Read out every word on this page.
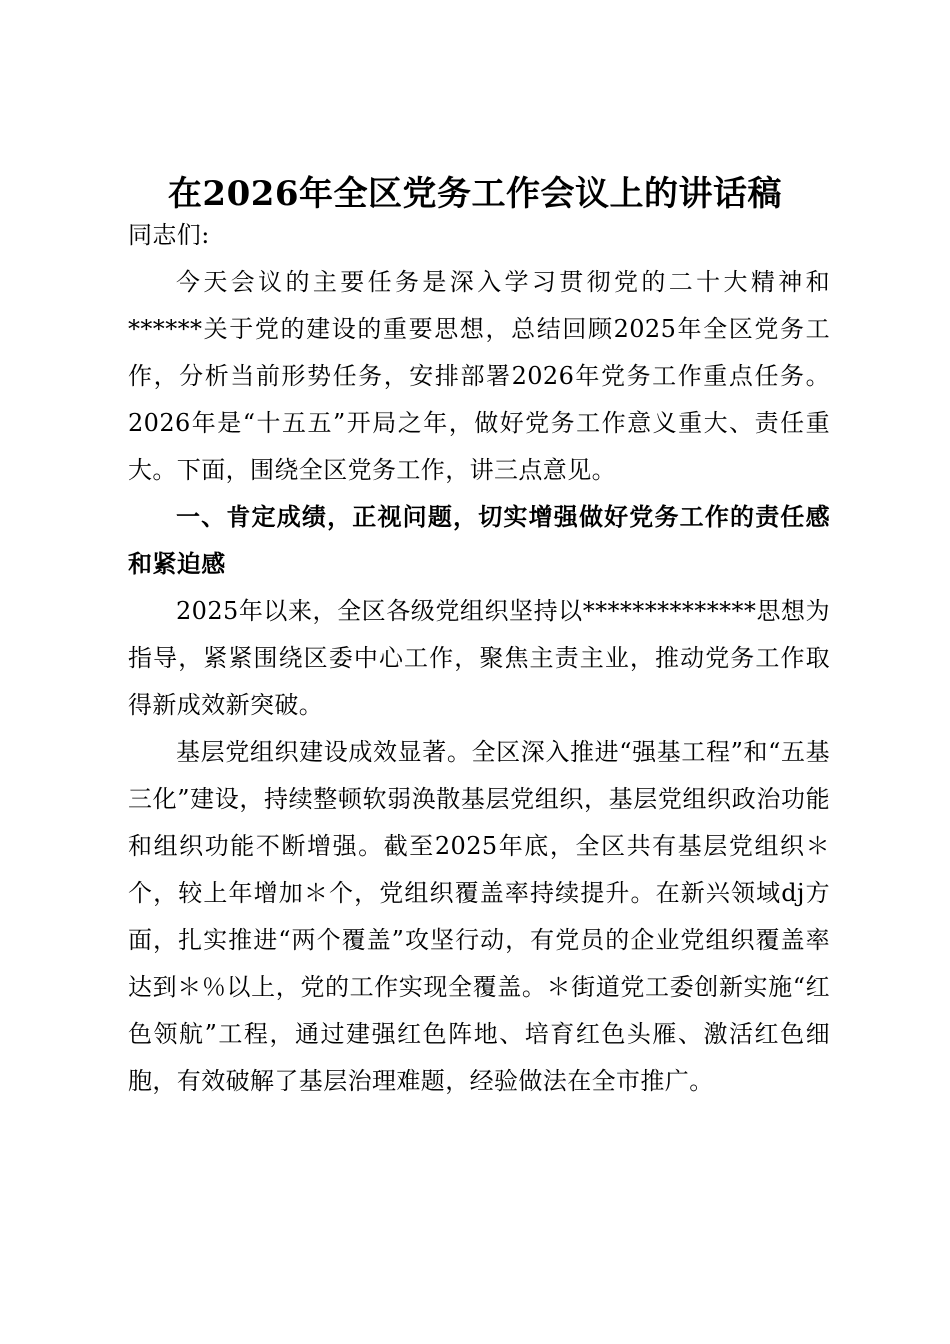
在2026年全区党务工作会议上的讲话稿

同志们:

今天会议的主要任务是深入学习贯彻党的二十大精神和******关于党的建设的重要思想，总结回顾2025年全区党务工作，分析当前形势任务，安排部署2026年党务工作重点任务。2026年是“十五五”开局之年，做好党务工作意义重大、责任重大。下面，围绕全区党务工作，讲三点意见。

一、肯定成绩，正视问题，切实增强做好党务工作的责任感和紧迫感

2025年以来，全区各级党组织坚持以**************思想为指导，紧紧围绕区委中心工作，聚焦主责主业，推动党务工作取得新成效新突破。

基层党组织建设成效显著。全区深入推进“强基工程”和“五基三化”建设，持续整顿软弱涣散基层党组织，基层党组织政治功能和组织功能不断增强。截至2025年底，全区共有基层党组织＊个，较上年增加＊个，党组织覆盖率持续提升。在新兴领域dj方面，扎实推进“两个覆盖”攻坚行动，有党员的企业党组织覆盖率达到＊％以上，党的工作实现全覆盖。＊街道党工委创新实施“红色领航”工程，通过建强红色阵地、培育红色头雁、激活红色细胞，有效破解了基层治理难题，经验做法在全市推广。
